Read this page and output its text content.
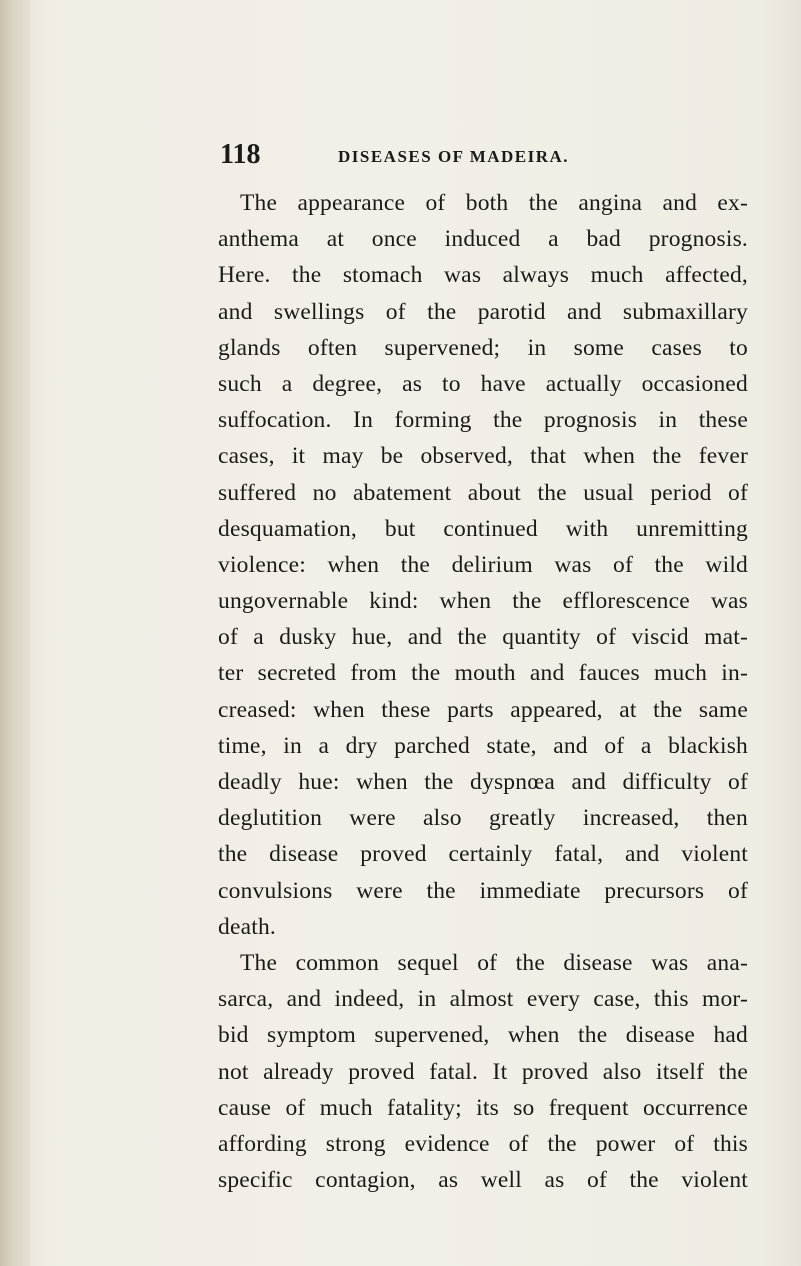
118	DISEASES OF MADEIRA.
The appearance of both the angina and ex-
anthema at once induced a bad prognosis.
Here. the stomach was always much affected,
and swellings of the parotid and submaxillary
glands often supervened; in some cases to
such a degree, as to have actually occasioned
suffocation. In forming the prognosis in these
cases, it may be observed, that when the fever
suffered no abatement about the usual period of
desquamation, but continued with unremitting
violence: when the delirium was of the wild
ungovernable kind: when the efflorescence was
of a dusky hue, and the quantity of viscid mat-
ter secreted from the mouth and fauces much in-
creased: when these parts appeared, at the same
time, in a dry parched state, and of a blackish
deadly hue: when the dyspnœa and difficulty of
deglutition were also greatly increased, then
the disease proved certainly fatal, and violent
convulsions were the immediate precursors of
death.
The common sequel of the disease was ana-
sarca, and indeed, in almost every case, this mor-
bid symptom supervened, when the disease had
not already proved fatal. It proved also itself the
cause of much fatality; its so frequent occurrence
affording strong evidence of the power of this
specific contagion, as well as of the violent
